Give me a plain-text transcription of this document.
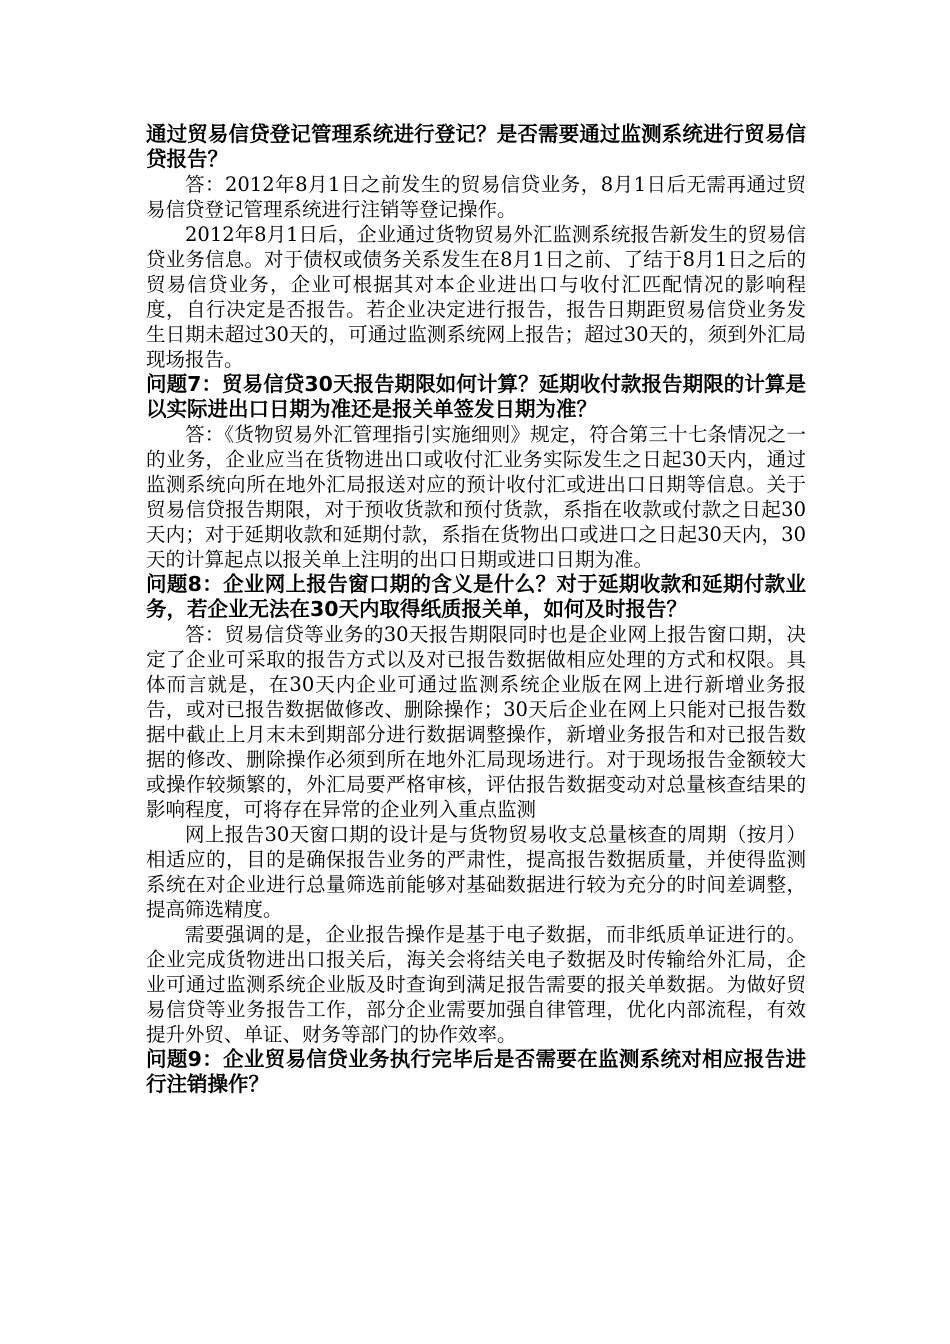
通过贸易信贷登记管理系统进行登记？是否需要通过监测系统进行贸易信贷报告？

答：2012年8月1日之前发生的贸易信贷业务，8月1日后无需再通过贸易信贷登记管理系统进行注销等登记操作。

2012年8月1日后，企业通过货物贸易外汇监测系统报告新发生的贸易信贷业务信息。对于债权或债务关系发生在8月1日之前、了结于8月1日之后的贸易信贷业务，企业可根据其对本企业进出口与收付汇匹配情况的影响程度，自行决定是否报告。若企业决定进行报告，报告日期距贸易信贷业务发生日期未超过30天的，可通过监测系统网上报告；超过30天的，须到外汇局现场报告。

问题7：贸易信贷30天报告期限如何计算？延期收付款报告期限的计算是以实际进出口日期为准还是报关单签发日期为准？

答：《货物贸易外汇管理指引实施细则》规定，符合第三十七条情况之一的业务，企业应当在货物进出口或收付汇业务实际发生之日起30天内，通过监测系统向所在地外汇局报送对应的预计收付汇或进出口日期等信息。关于贸易信贷报告期限，对于预收货款和预付货款，系指在收款或付款之日起30天内；对于延期收款和延期付款，系指在货物出口或进口之日起30天内，30天的计算起点以报关单上注明的出口日期或进口日期为准。

问题8：企业网上报告窗口期的含义是什么？对于延期收款和延期付款业务，若企业无法在30天内取得纸质报关单，如何及时报告？

答：贸易信贷等业务的30天报告期限同时也是企业网上报告窗口期，决定了企业可采取的报告方式以及对已报告数据做相应处理的方式和权限。具体而言就是，在30天内企业可通过监测系统企业版在网上进行新增业务报告，或对已报告数据做修改、删除操作；30天后企业在网上只能对已报告数据中截止上月末未到期部分进行数据调整操作，新增业务报告和对已报告数据的修改、删除操作必须到所在地外汇局现场进行。对于现场报告金额较大或操作较频繁的，外汇局要严格审核，评估报告数据变动对总量核查结果的影响程度，可将存在异常的企业列入重点监测

网上报告30天窗口期的设计是与货物贸易收支总量核查的周期（按月）相适应的，目的是确保报告业务的严肃性，提高报告数据质量，并使得监测系统在对企业进行总量筛选前能够对基础数据进行较为充分的时间差调整，提高筛选精度。

需要强调的是，企业报告操作是基于电子数据，而非纸质单证进行的。企业完成货物进出口报关后，海关会将结关电子数据及时传输给外汇局，企业可通过监测系统企业版及时查询到满足报告需要的报关单数据。为做好贸易信贷等业务报告工作，部分企业需要加强自律管理，优化内部流程，有效提升外贸、单证、财务等部门的协作效率。

问题9：企业贸易信贷业务执行完毕后是否需要在监测系统对相应报告进行注销操作？
